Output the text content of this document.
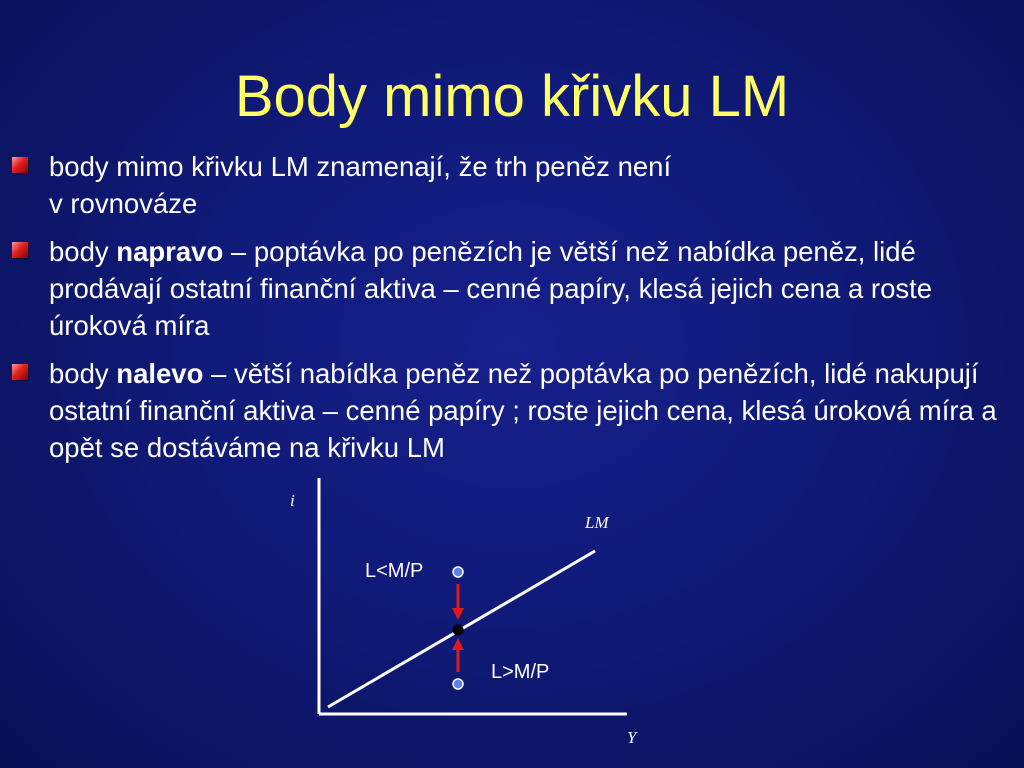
Body mimo křivku LM
body mimo křivku LM znamenají, že trh peněz není
v rovnováze
body napravo – poptávka po penězích je větší než nabídka peněz, lidé prodávají ostatní finanční aktiva – cenné papíry, klesá jejich cena a roste úroková míra
body nalevo – větší nabídka peněz než poptávka po penězích, lidé nakupují ostatní finanční aktiva – cenné papíry ; roste jejich cena, klesá úroková míra a opět se dostáváme na křivku LM
i
Y
LM
L<M/P
L>M/P
